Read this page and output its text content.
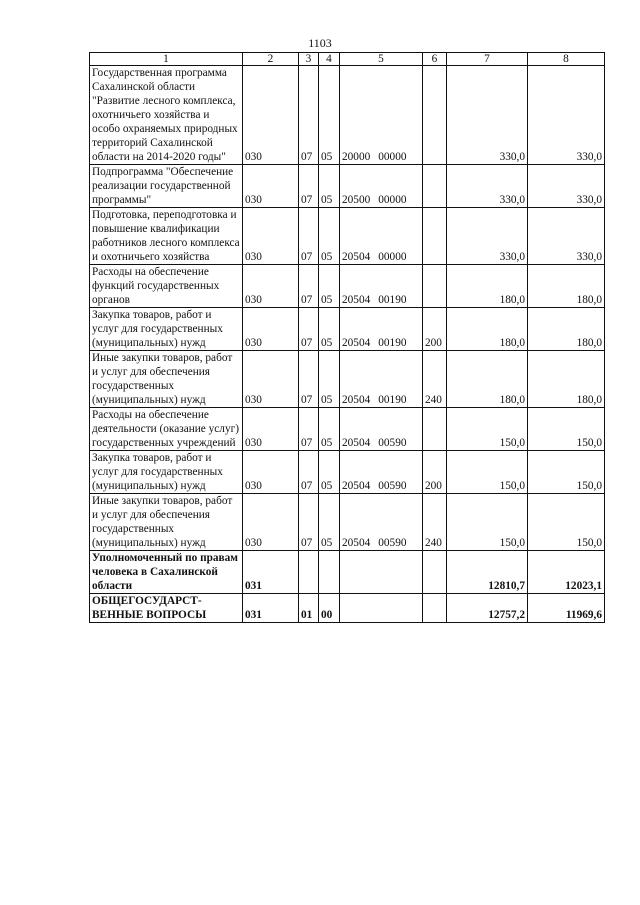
1103
1	2	3	4	5	6	7	8
Государственная программа Сахалинской области "Развитие лесного комплекса, охотничьего хозяйства и особо охраняемых природных территорий Сахалинской области на 2014-2020 годы"	030	07	05	20000 00000		330,0	330,0
Подпрограмма "Обеспечение реализации государственной программы"	030	07	05	20500 00000		330,0	330,0
Подготовка, переподготовка и повышение квалификации работников лесного комплекса и охотничьего хозяйства	030	07	05	20504 00000		330,0	330,0
Расходы на обеспечение функций государственных органов	030	07	05	20504 00190		180,0	180,0
Закупка товаров, работ и услуг для государственных (муниципальных) нужд	030	07	05	20504 00190	200	180,0	180,0
Иные закупки товаров, работ и услуг для обеспечения государственных (муниципальных) нужд	030	07	05	20504 00190	240	180,0	180,0
Расходы на обеспечение деятельности (оказание услуг) государственных учреждений	030	07	05	20504 00590		150,0	150,0
Закупка товаров, работ и услуг для государственных (муниципальных) нужд	030	07	05	20504 00590	200	150,0	150,0
Иные закупки товаров, работ и услуг для обеспечения государственных (муниципальных) нужд	030	07	05	20504 00590	240	150,0	150,0
Уполномоченный по правам человека в Сахалинской области	031					12810,7	12023,1
ОБЩЕГОСУДАРСТ-ВЕННЫЕ ВОПРОСЫ	031	01	00			12757,2	11969,6
